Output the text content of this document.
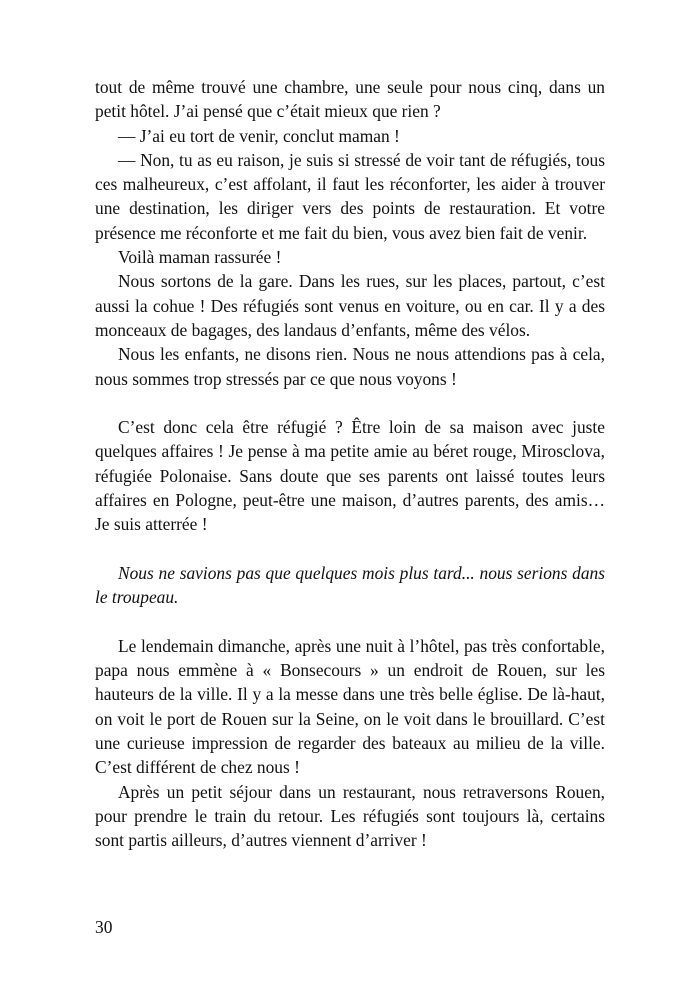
tout de même trouvé une chambre, une seule pour nous cinq, dans un petit hôtel. J’ai pensé que c’était mieux que rien ?

— J’ai eu tort de venir, conclut maman !

— Non, tu as eu raison, je suis si stressé de voir tant de réfugiés, tous ces malheureux, c’est affolant, il faut les réconforter, les aider à trouver une destination, les diriger vers des points de restauration. Et votre présence me réconforte et me fait du bien, vous avez bien fait de venir.

Voilà maman rassurée !

Nous sortons de la gare. Dans les rues, sur les places, partout, c’est aussi la cohue ! Des réfugiés sont venus en voiture, ou en car. Il y a des monceaux de bagages, des landaus d’enfants, même des vélos.

Nous les enfants, ne disons rien. Nous ne nous attendions pas à cela, nous sommes trop stressés par ce que nous voyons !

C’est donc cela être réfugié ? Être loin de sa maison avec juste quelques affaires ! Je pense à ma petite amie au béret rouge, Mirosclova, réfugiée Polonaise. Sans doute que ses parents ont laissé toutes leurs affaires en Pologne, peut-être une maison, d’autres parents, des amis… Je suis atterrée !

Nous ne savions pas que quelques mois plus tard... nous serions dans le troupeau.

Le lendemain dimanche, après une nuit à l’hôtel, pas très confortable, papa nous emmène à « Bonsecours » un endroit de Rouen, sur les hauteurs de la ville. Il y a la messe dans une très belle église. De là-haut, on voit le port de Rouen sur la Seine, on le voit dans le brouillard. C’est une curieuse impression de regarder des bateaux au milieu de la ville. C’est différent de chez nous !

Après un petit séjour dans un restaurant, nous retraversons Rouen, pour prendre le train du retour. Les réfugiés sont toujours là, certains sont partis ailleurs, d’autres viennent d’arriver !

30
